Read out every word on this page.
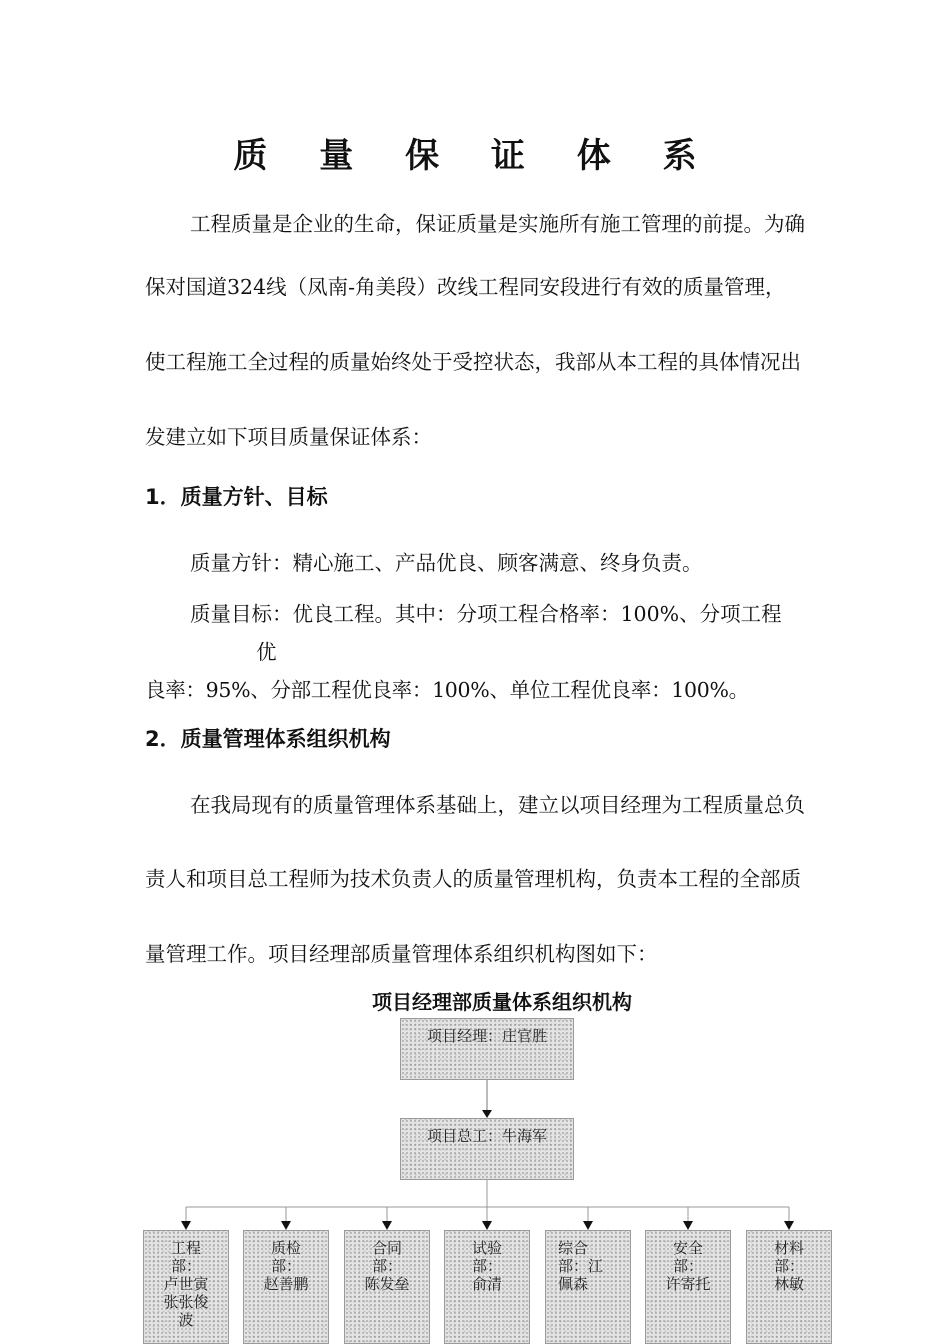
质 量 保 证 体 系
工程质量是企业的生命，保证质量是实施所有施工管理的前提。为确
保对国道324线（凤南-角美段）改线工程同安段进行有效的质量管理，
使工程施工全过程的质量始终处于受控状态，我部从本工程的具体情况出
发建立如下项目质量保证体系：
1．质量方针、目标
质量方针：精心施工、产品优良、顾客满意、终身负责。
质量目标：优良工程。其中：分项工程合格率：100%、分项工程
优
良率：95%、分部工程优良率：100%、单位工程优良率：100%。
2．质量管理体系组织机构
在我局现有的质量管理体系基础上，建立以项目经理为工程质量总负
责人和项目总工程师为技术负责人的质量管理机构，负责本工程的全部质
量管理工作。项目经理部质量管理体系组织机构图如下：
项目经理部质量体系组织机构
项目经理：庄官胜
项目总工：牛海军
工程
部：
卢世寅
张张俊
波
质检
部：
赵善鹏
合同
部：
陈发垒
试验
部：
俞清
综合
部：江
佩森
安全
部：
许寄托
材料
部：
林敏
